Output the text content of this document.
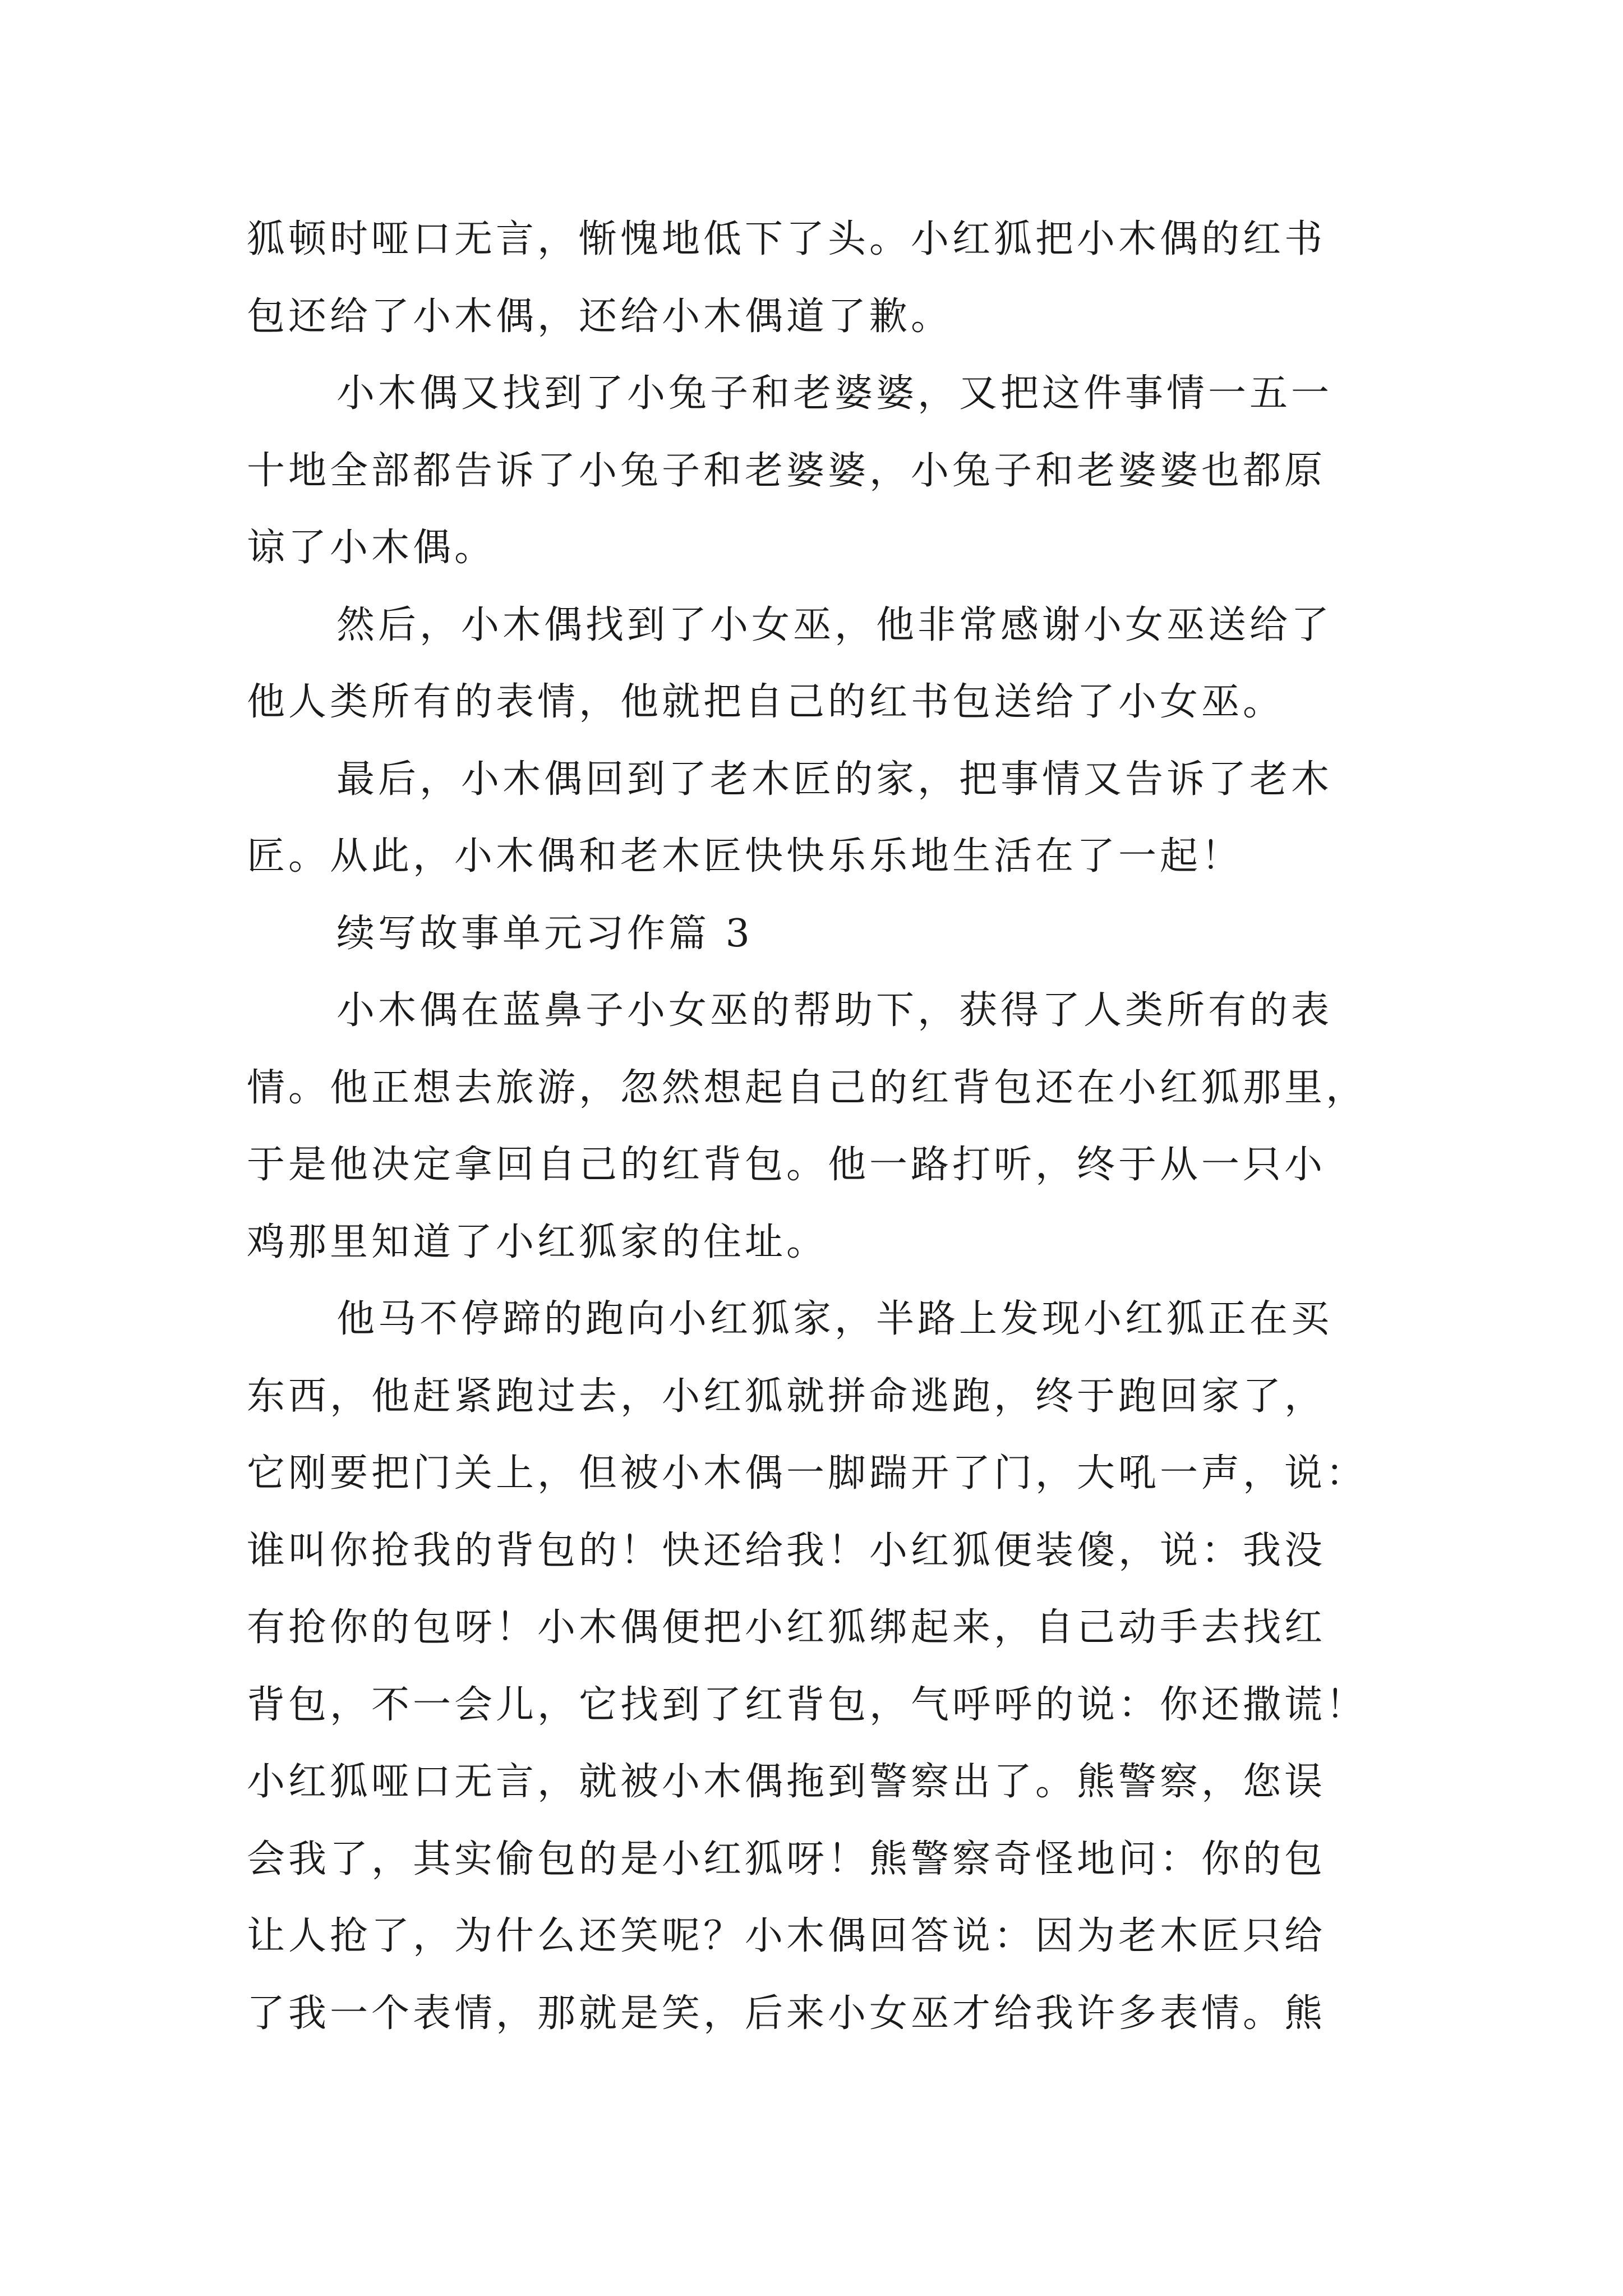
狐顿时哑口无言，惭愧地低下了头。小红狐把小木偶的红书
包还给了小木偶，还给小木偶道了歉。
小木偶又找到了小兔子和老婆婆，又把这件事情一五一
十地全部都告诉了小兔子和老婆婆，小兔子和老婆婆也都原
谅了小木偶。
然后，小木偶找到了小女巫，他非常感谢小女巫送给了
他人类所有的表情，他就把自己的红书包送给了小女巫。
最后，小木偶回到了老木匠的家，把事情又告诉了老木
匠。从此，小木偶和老木匠快快乐乐地生活在了一起！
续写故事单元习作篇 3
小木偶在蓝鼻子小女巫的帮助下，获得了人类所有的表
情。他正想去旅游，忽然想起自己的红背包还在小红狐那里，
于是他决定拿回自己的红背包。他一路打听，终于从一只小
鸡那里知道了小红狐家的住址。
他马不停蹄的跑向小红狐家，半路上发现小红狐正在买
东西，他赶紧跑过去，小红狐就拼命逃跑，终于跑回家了，
它刚要把门关上，但被小木偶一脚踹开了门，大吼一声，说：
谁叫你抢我的背包的！快还给我！小红狐便装傻，说：我没
有抢你的包呀！小木偶便把小红狐绑起来，自己动手去找红
背包，不一会儿，它找到了红背包，气呼呼的说：你还撒谎！
小红狐哑口无言，就被小木偶拖到警察出了。熊警察，您误
会我了，其实偷包的是小红狐呀！熊警察奇怪地问：你的包
让人抢了，为什么还笑呢？小木偶回答说：因为老木匠只给
了我一个表情，那就是笑，后来小女巫才给我许多表情。熊
